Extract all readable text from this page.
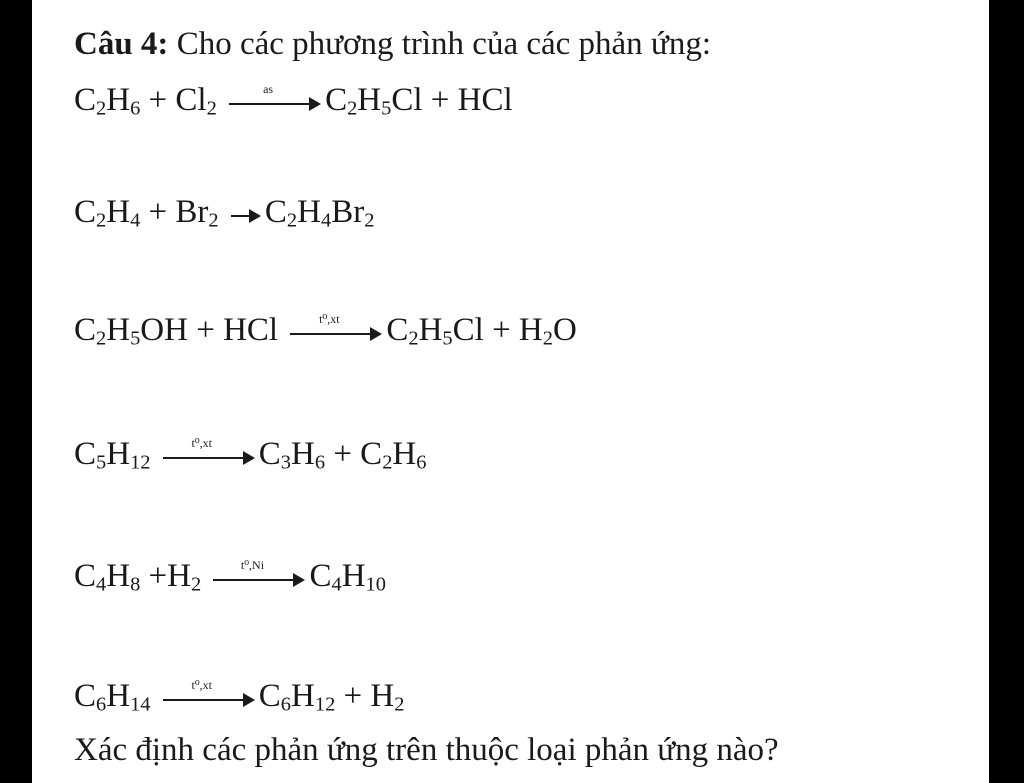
Câu 4: Cho các phương trình của các phản ứng:
$C_2H_6 + Cl_2$
as	$C_2H_5Cl$ + HCl
$C_2H_4 + Br_2$ $C_2H_4Br_2$
$C_2H_5OH$ + HCl	t⁰,xt	$C_2H_5Cl + H_2O$
$C_5H_{12}$
t⁰,xt	$C_3H_6 + C_2H_6$
$C_4H_8 +H_2$
t⁰,Ni	$C_4H_{10}$
$C_6H_{14}$
t⁰,xt	$C_6H_{12} + H_2$
Xác định các phản ứng trên thuộc loại phản ứng nào?
